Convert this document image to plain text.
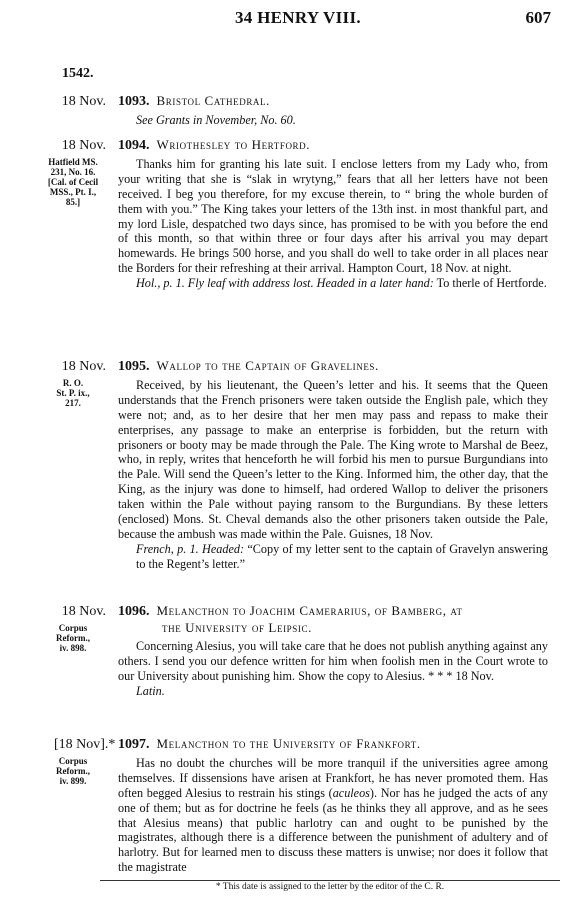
34 HENRY VIII.	607
1542.
18 Nov. 1093. Bristol Cathedral.
See Grants in November, No. 60.
18 Nov.
Hatfield MS.
231, No. 16.
[Cal. of Cecil
MSS., Pt. I.,
85.]
1094. Wriothesley to Hertford.

Thanks him for granting his late suit. I enclose letters from my Lady who, from your writing that she is “slak in wrytyng,” fears that all her letters have not been received. I beg you therefore, for my excuse therein, to “ bring the whole burden of them with you.” The King takes your letters of the 13th inst. in most thankful part, and my lord Lisle, despatched two days since, has promised to be with you before the end of this month, so that within three or four days after his arrival you may depart homewards. He brings 500 horse, and you shall do well to take order in all places near the Borders for their refreshing at their arrival. Hampton Court, 18 Nov. at night.

Hol., p. 1. Fly leaf with address lost. Headed in a later hand: To therle of Hertforde.

18 Nov.
R. O.
St. P. ix.,
217.
1095. Wallop to the Captain of Gravelines.

Received, by his lieutenant, the Queen’s letter and his. It seems that the Queen understands that the French prisoners were taken outside the English pale, which they were not; and, as to her desire that her men may pass and repass to make their enterprises, any passage to make an enterprise is forbidden, but the return with prisoners or booty may be made through the Pale. The King wrote to Marshal de Beez, who, in reply, writes that henceforth he will forbid his men to pursue Burgundians into the Pale. Will send the Queen’s letter to the King. Informed him, the other day, that the King, as the injury was done to himself, had ordered Wallop to deliver the prisoners taken within the Pale without paying ransom to the Burgundians. By these letters (enclosed) Mons. St. Cheval demands also the other prisoners taken outside the Pale, because the ambush was made within the Pale. Guisnes, 18 Nov.

French, p. 1. Headed: “Copy of my letter sent to the captain of Gravelyn answering to the Regent’s letter.”

18 Nov.
Corpus
Reform.,
iv. 898.
1096. Melancthon to Joachim Camerarius, of Bamberg, at
the University of Leipsic.

Concerning Alesius, you will take care that he does not publish anything against any others. I send you our defence written for him when foolish men in the Court wrote to our University about punishing him. Show the copy to Alesius. * * * 18 Nov.

Latin.

[18 Nov].*
Corpus
Reform.,
iv. 899.
1097. Melancthon to the University of Frankfort.

Has no doubt the churches will be more tranquil if the universities agree among themselves. If dissensions have arisen at Frankfort, he has never promoted them. Has often begged Alesius to restrain his stings (aculeos). Nor has he judged the acts of any one of them; but as for doctrine he feels (as he thinks they all approve, and as he sees that Alesius means) that public harlotry can and ought to be punished by the magistrates, although there is a difference between the punishment of adultery and of harlotry. But for learned men to discuss these matters is unwise; nor does it follow that the magistrate

* This date is assigned to the letter by the editor of the C. R.
